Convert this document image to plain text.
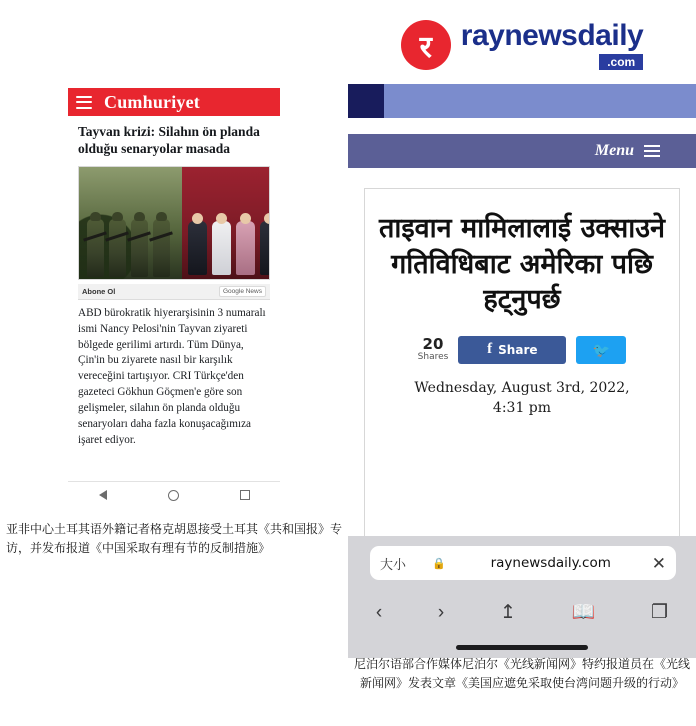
Cumhuriyet
Tayvan krizi: Silahın ön planda olduğu senaryolar masada
Abone Ol	Google News
ABD bürokratik hiyerarşisinin 3 numaralı ismi Nancy Pelosi'nin Tayvan ziyareti bölgede gerilimi artırdı. Tüm Dünya, Çin'in bu ziyarete nasıl bir karşılık vereceğini tartışıyor. CRI Türkçe'den gazeteci Gökhun Göçmen'e göre son gelişmeler, silahın ön planda olduğu senaryoları daha fazla konuşacağımıza işaret ediyor.
亚非中心土耳其语外籍记者格克胡恩接受土耳其《共和国报》专访，并发布报道《中国采取有理有节的反制措施》
र raynewsdaily
.com
Menu
ताइवान मामिलालाई उक्साउने गतिविधिबाट अमेरिका पछि हट्नुपर्छ
20
Shares	f Share	🐦
Wednesday, August 3rd, 2022,
4:31 pm
大小 🔒	raynewsdaily.com	✕
‹	›	↥	📖	❐
尼泊尔语部合作媒体尼泊尔《光线新闻网》特约报道员在《光线新闻网》发表文章《美国应遮免采取使台湾问题升级的行动》
